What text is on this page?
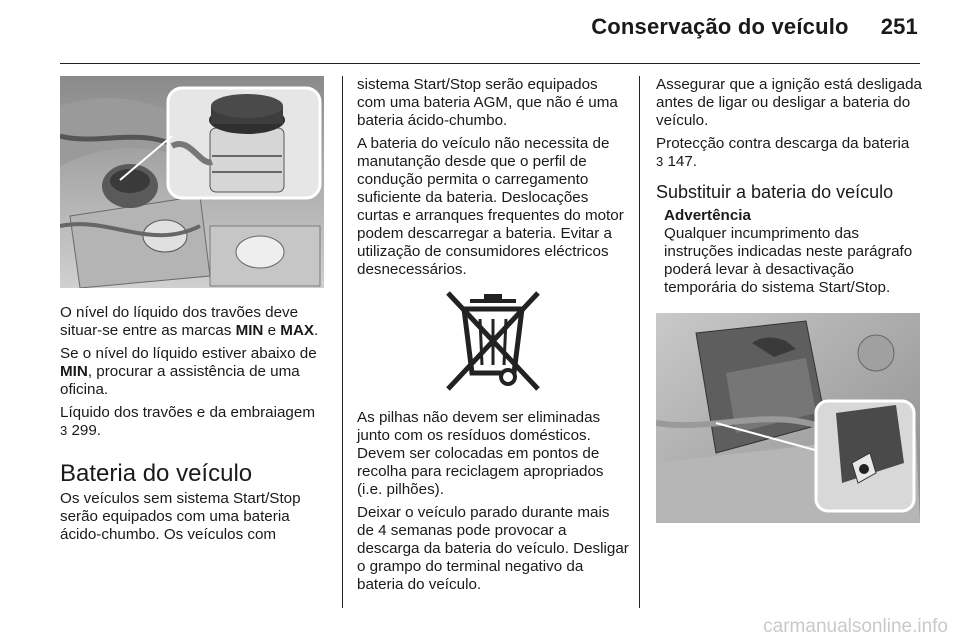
Conservação do veículo 251

O nível do líquido dos travões deve situar-se entre as marcas MIN e MAX.

Se o nível do líquido estiver abaixo de MIN, procurar a assistência de uma oficina.

Líquido dos travões e da embraiagem
3 299.

Bateria do veículo

Os veículos sem sistema Start/Stop serão equipados com uma bateria ácido-chumbo. Os veículos com

sistema Start/Stop serão equipados com uma bateria AGM, que não é uma bateria ácido-chumbo.

A bateria do veículo não necessita de manutanção desde que o perfil de condução permita o carregamento suficiente da bateria. Deslocações curtas e arranques frequentes do motor podem descarregar a bateria. Evitar a utilização de consumidores eléctricos desnecessários.

As pilhas não devem ser eliminadas junto com os resíduos domésticos. Devem ser colocadas em pontos de recolha para reciclagem apropriados (i.e. pilhões).

Deixar o veículo parado durante mais de 4 semanas pode provocar a descarga da bateria do veículo. Desligar o grampo do terminal negativo da bateria do veículo.

Assegurar que a ignição está desligada antes de ligar ou desligar a bateria do veículo.

Protecção contra descarga da bateria
3 147.

Substituir a bateria do veículo

Advertência

Qualquer incumprimento das instruções indicadas neste parágrafo poderá levar à desactivação temporária do sistema Start/Stop.

carmanualsonline.info
